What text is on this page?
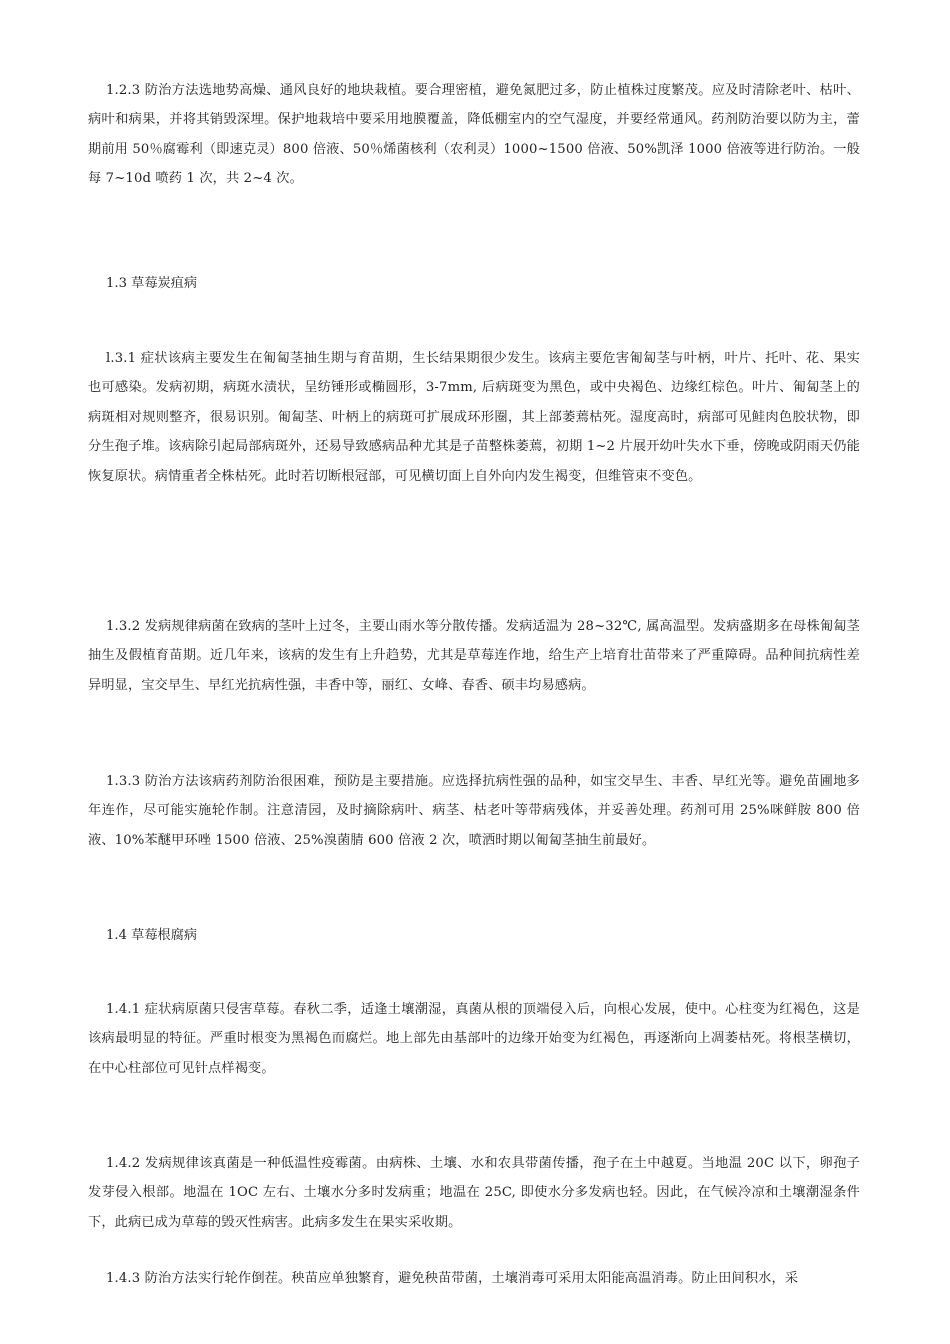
1.2.3 防治方法选地势高燥、通风良好的地块栽植。要合理密植，避免氮肥过多，防止植株过度繁茂。应及时清除老叶、枯叶、病叶和病果，并将其销毁深埋。保护地栽培中要采用地膜覆盖，降低棚室内的空气湿度，并要经常通风。药剂防治要以防为主，蕾期前用 50％腐霉利（即速克灵）800 倍液、50％烯菌核利（农利灵）1000~1500 倍液、50%凯泽 1000 倍液等进行防治。一般每 7~10d 喷药 1 次，共 2~4 次。

1.3 草莓炭疽病

l.3.1 症状该病主要发生在匍匐茎抽生期与育苗期，生长结果期很少发生。该病主要危害匍匐茎与叶柄，叶片、托叶、花、果实也可感染。发病初期，病斑水渍状，呈纺锤形或椭圆形，3-7mm, 后病斑变为黑色，或中央褐色、边缘红棕色。叶片、匍匐茎上的病斑相对规则整齐，很易识别。匍匐茎、叶柄上的病斑可扩展成环形圈，其上部萎蔫枯死。湿度高时，病部可见鲑肉色胶状物，即分生孢子堆。该病除引起局部病斑外，还易导致感病品种尤其是子苗整株萎蔫，初期 1~2 片展开幼叶失水下垂，傍晚或阴雨天仍能恢复原状。病情重者全株枯死。此时若切断根冠部，可见横切面上自外向内发生褐变，但维管束不变色。

1.3.2 发病规律病菌在致病的茎叶上过冬，主要山雨水等分散传播。发病适温为 28~32℃, 属高温型。发病盛期多在母株匍匐茎抽生及假植育苗期。近几年来，该病的发生有上升趋势，尤其是草莓连作地，给生产上培育壮苗带来了严重障碍。品种间抗病性差异明显，宝交早生、早红光抗病性强，丰香中等，丽红、女峰、春香、硕丰均易感病。

1.3.3 防治方法该病药剂防治很困难，预防是主要措施。应选择抗病性强的品种，如宝交早生、丰香、早红光等。避免苗圃地多年连作，尽可能实施轮作制。注意清园，及时摘除病叶、病茎、枯老叶等带病残体，并妥善处理。药剂可用 25%咪鲜胺 800 倍液、10%苯醚甲环唑 1500 倍液、25%溴菌腈 600 倍液 2 次，喷洒时期以匍匐茎抽生前最好。

1.4 草莓根腐病

1.4.1 症状病原菌只侵害草莓。春秋二季，适逢土壤潮湿，真菌从根的顶端侵入后，向根心发展，使中。心柱变为红褐色，这是该病最明显的特征。严重时根变为黑褐色而腐烂。地上部先由基部叶的边缘开始变为红褐色，再逐渐向上凋萎枯死。将根茎横切，在中心柱部位可见针点样褐变。

1.4.2 发病规律该真菌是一种低温性疫霉菌。由病株、土壤、水和农具带菌传播，孢子在土中越夏。当地温 20C 以下，卵孢子发芽侵入根部。地温在 1OC 左右、土壤水分多时发病重；地温在 25C, 即使水分多发病也轻。因此，在气候冷凉和土壤潮湿条件下，此病已成为草莓的毁灭性病害。此病多发生在果实采收期。

1.4.3 防治方法实行轮作倒茬。秧苗应单独繁育，避免秧苗带菌，土壤消毒可采用太阳能高温消毒。防止田间积水，采
